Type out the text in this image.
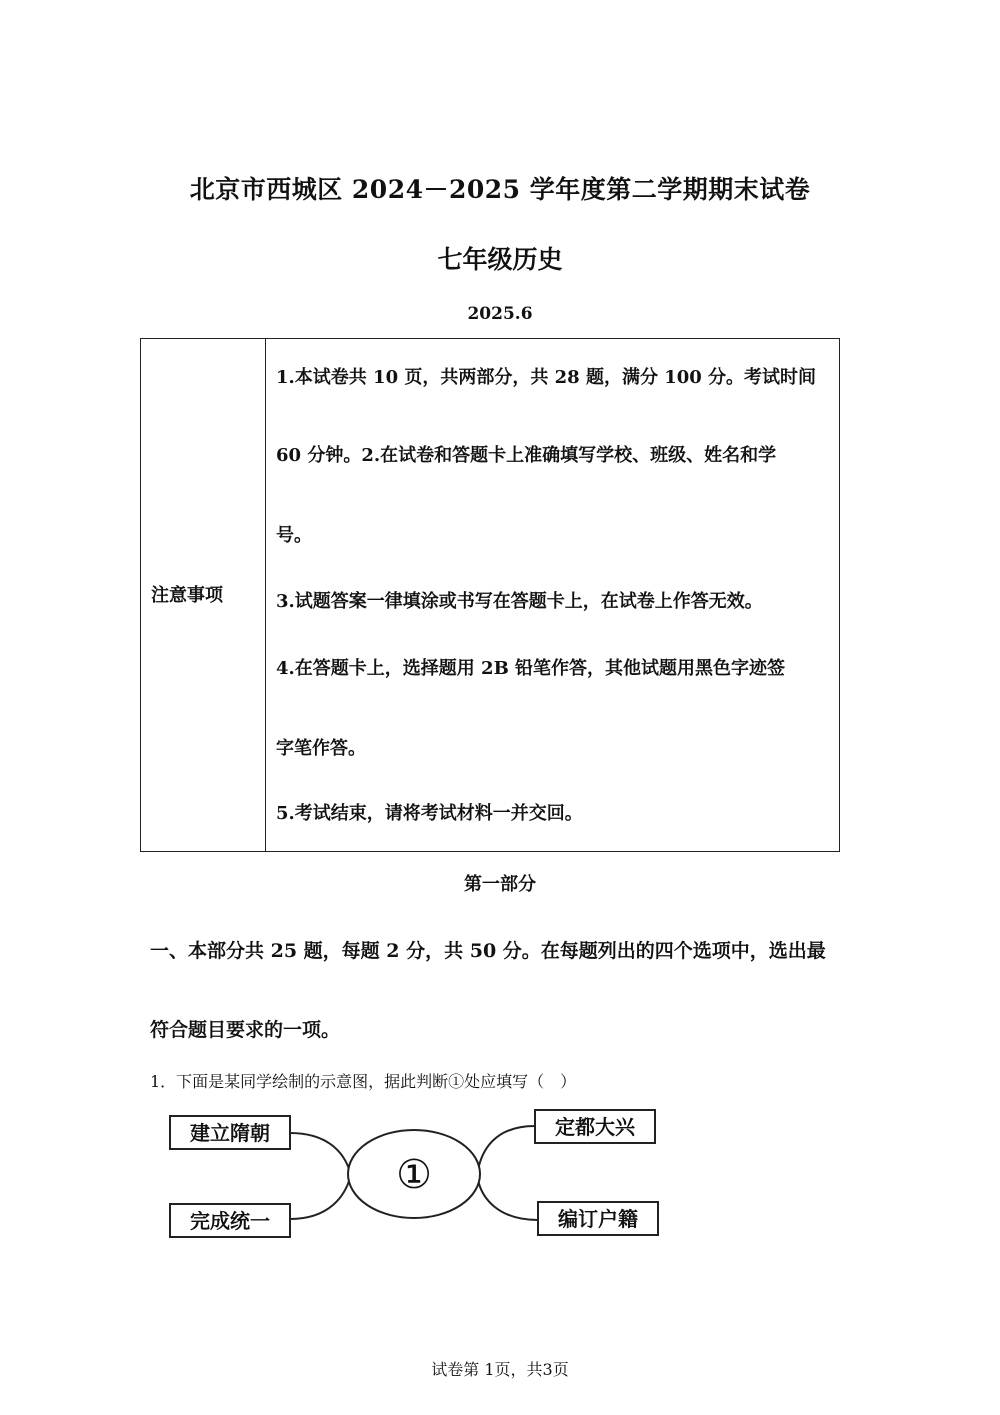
北京市西城区 2024－2025 学年度第二学期期末试卷
七年级历史
2025.6
注意事项
1.本试卷共 10 页，共两部分，共 28 题，满分 100 分。考试时间
60 分钟。2.在试卷和答题卡上准确填写学校、班级、姓名和学
号。
3.试题答案一律填涂或书写在答题卡上，在试卷上作答无效。
4.在答题卡上，选择题用 2B 铅笔作答，其他试题用黑色字迹签
字笔作答。
5.考试结束，请将考试材料一并交回。
第一部分
一、本部分共 25 题，每题 2 分，共 50 分。在每题列出的四个选项中，选出最
符合题目要求的一项。
1．下面是某同学绘制的示意图，据此判断①处应填写（　）
①
建立隋朝
完成统一
定都大兴
编订户籍
试卷第 1页，共3页
